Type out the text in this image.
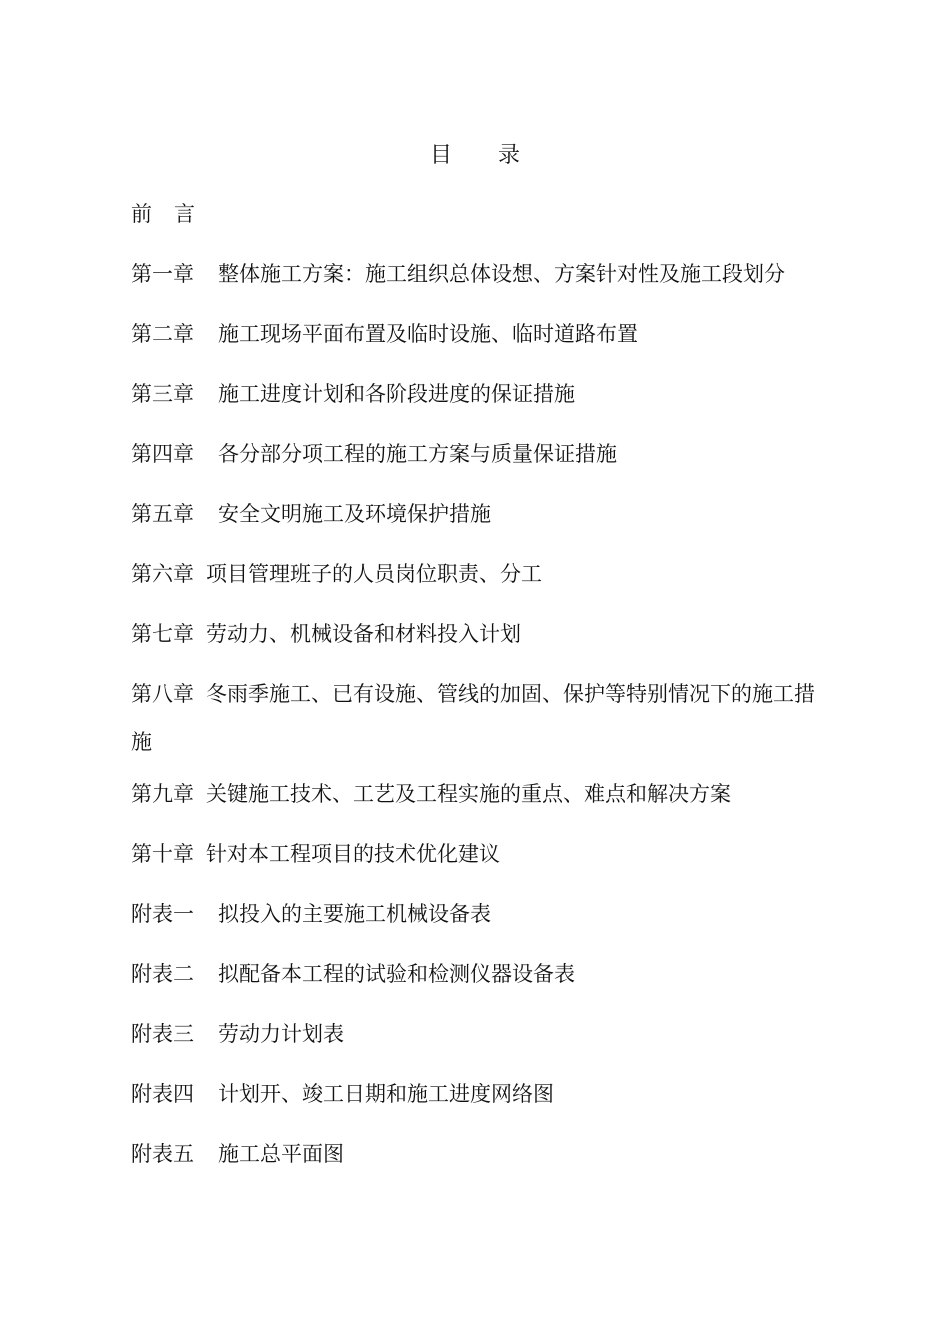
目 录
前 言
第一章 整体施工方案：施工组织总体设想、方案针对性及施工段划分
第二章 施工现场平面布置及临时设施、临时道路布置
第三章 施工进度计划和各阶段进度的保证措施
第四章 各分部分项工程的施工方案与质量保证措施
第五章 安全文明施工及环境保护措施
第六章 项目管理班子的人员岗位职责、分工
第七章 劳动力、机械设备和材料投入计划
第八章 冬雨季施工、已有设施、管线的加固、保护等特别情况下的施工措施
第九章 关键施工技术、工艺及工程实施的重点、难点和解决方案
第十章 针对本工程项目的技术优化建议
附表一 拟投入的主要施工机械设备表
附表二 拟配备本工程的试验和检测仪器设备表
附表三 劳动力计划表
附表四 计划开、竣工日期和施工进度网络图
附表五 施工总平面图
